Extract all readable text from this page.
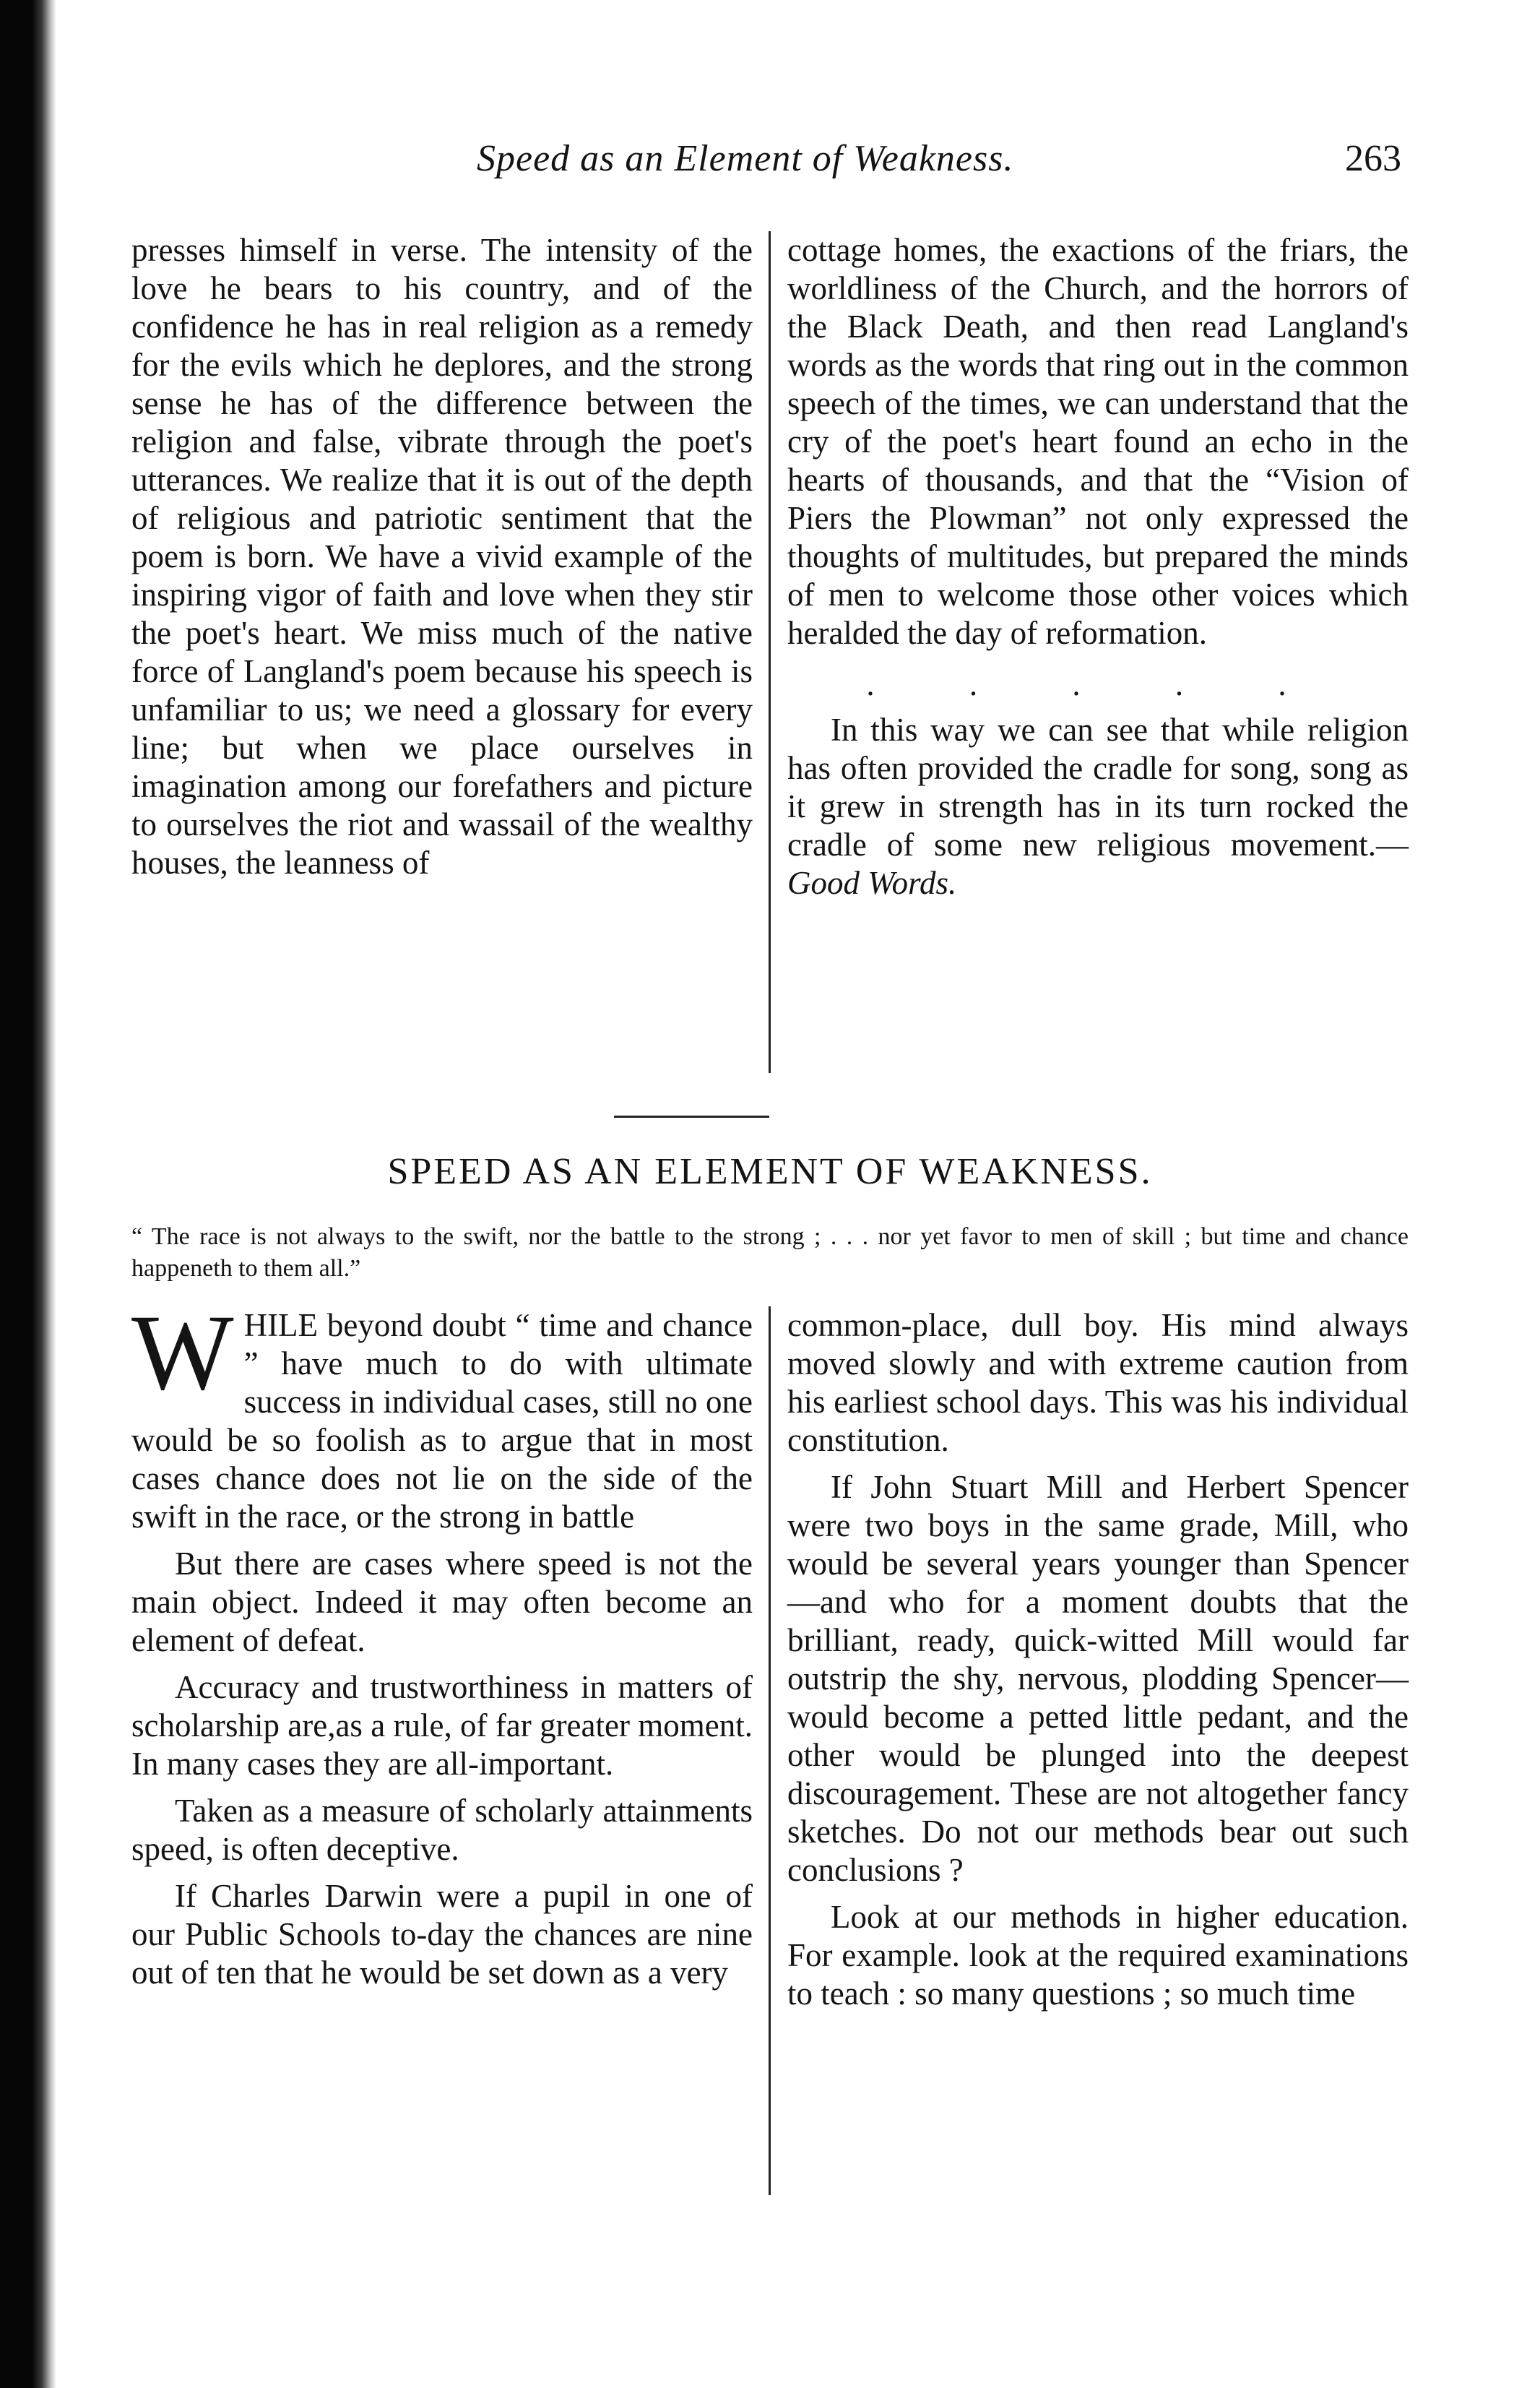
Speed as an Element of Weakness.	263

presses himself in verse. The intensity of the love he bears to his country, and of the confidence he has in real religion as a remedy for the evils which he deplores, and the strong sense he has of the difference between the religion and false, vibrate through the poet's utterances. We realize that it is out of the depth of religious and patriotic sentiment that the poem is born. We have a vivid example of the inspiring vigor of faith and love when they stir the poet's heart. We miss much of the native force of Langland's poem because his speech is unfamiliar to us; we need a glossary for every line; but when we place ourselves in imagination among our forefathers and picture to ourselves the riot and wassail of the wealthy houses, the leanness of

cottage homes, the exactions of the friars, the worldliness of the Church, and the horrors of the Black Death, and then read Langland's words as the words that ring out in the common speech of the times, we can understand that the cry of the poet's heart found an echo in the hearts of thousands, and that the “Vision of Piers the Plowman” not only expressed the thoughts of multitudes, but prepared the minds of men to welcome those other voices which heralded the day of reformation.

. . . . .

In this way we can see that while religion has often provided the cradle for song, song as it grew in strength has in its turn rocked the cradle of some new religious movement.—Good Words.

SPEED AS AN ELEMENT OF WEAKNESS.
“ The race is not always to the swift, nor the battle to the strong ; . . . nor yet favor to men of skill ; but time and chance happeneth to them all.”

WHILE beyond doubt “ time and chance ” have much to do with ultimate success in individual cases, still no one would be so foolish as to argue that in most cases chance does not lie on the side of the swift in the race, or the strong in battle

But there are cases where speed is not the main object. Indeed it may often become an element of defeat.

Accuracy and trustworthiness in matters of scholarship are,as a rule, of far greater moment. In many cases they are all-important.

Taken as a measure of scholarly attainments speed, is often deceptive.

If Charles Darwin were a pupil in one of our Public Schools to-day the chances are nine out of ten that he would be set down as a very

common-place, dull boy. His mind always moved slowly and with extreme caution from his earliest school days. This was his individual constitution.

If John Stuart Mill and Herbert Spencer were two boys in the same grade, Mill, who would be several years younger than Spencer —and who for a moment doubts that the brilliant, ready, quick-witted Mill would far outstrip the shy, nervous, plodding Spencer—would become a petted little pedant, and the other would be plunged into the deepest discouragement. These are not altogether fancy sketches. Do not our methods bear out such conclusions ?

Look at our methods in higher education. For example. look at the required examinations to teach : so many questions ; so much time
